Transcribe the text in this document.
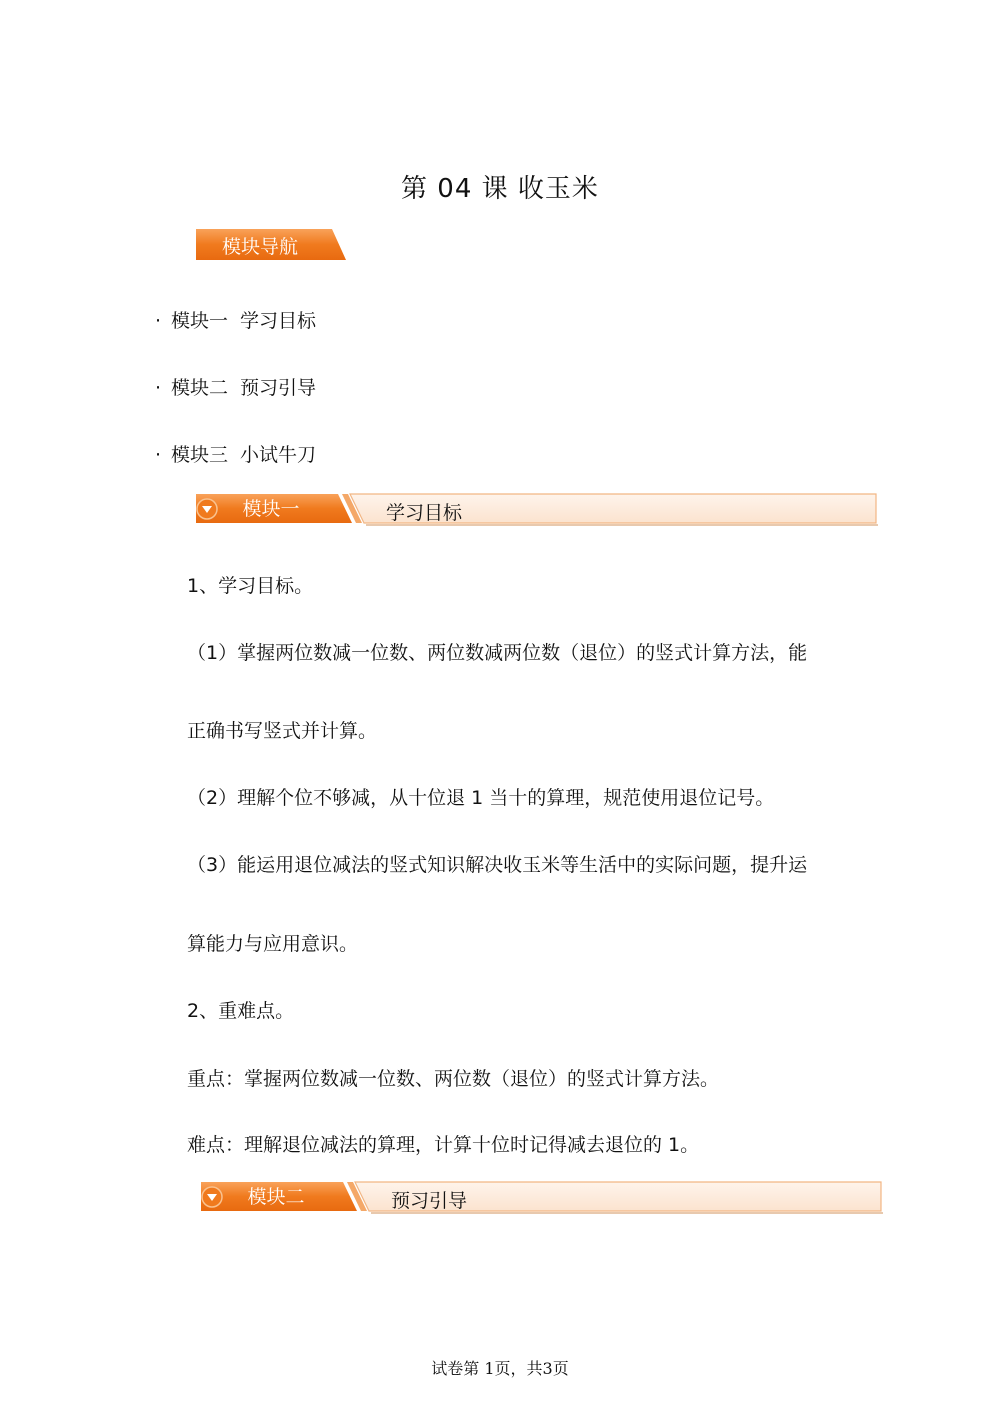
第 04 课 收玉米
模块导航
· 模块一 学习目标
· 模块二 预习引导
· 模块三 小试牛刀
模块一	学习目标
1、学习目标。
（1）掌握两位数减一位数、两位数减两位数（退位）的竖式计算方法，能
正确书写竖式并计算。
（2）理解个位不够减，从十位退 1 当十的算理，规范使用退位记号。
（3）能运用退位减法的竖式知识解决收玉米等生活中的实际问题，提升运
算能力与应用意识。
2、重难点。
重点：掌握两位数减一位数、两位数（退位）的竖式计算方法。
难点：理解退位减法的算理，计算十位时记得减去退位的 1。
模块二	预习引导
试卷第 1页，共3页
